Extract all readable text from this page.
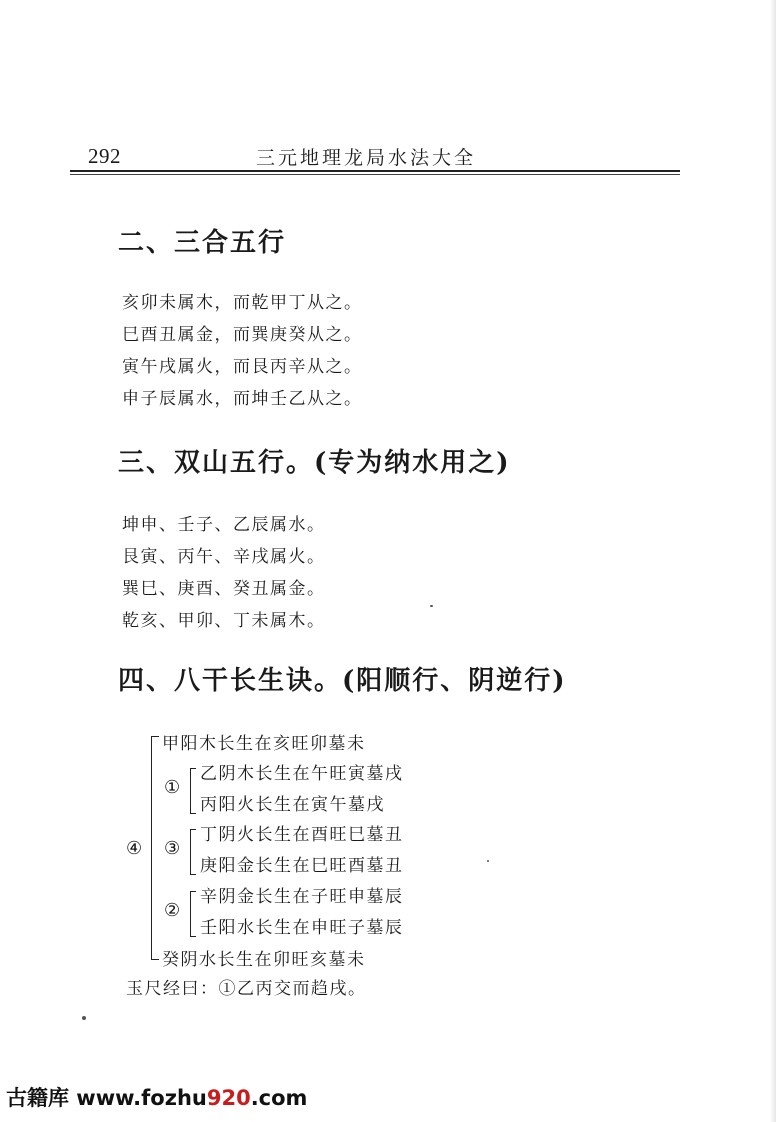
292	三元地理龙局水法大全
二、三合五行
亥卯未属木，而乾甲丁从之。
巳酉丑属金，而巽庚癸从之。
寅午戌属火，而艮丙辛从之。
申子辰属水，而坤壬乙从之。
三、双山五行。(专为纳水用之)
坤申、壬子、乙辰属水。
艮寅、丙午、辛戌属火。
巽巳、庚酉、癸丑属金。
乾亥、甲卯、丁未属木。
四、八干长生诀。(阳顺行、阴逆行)
④
甲阳木长生在亥旺卯墓未
①
乙阴木长生在午旺寅墓戌
丙阳火长生在寅午墓戌
③
丁阴火长生在酉旺巳墓丑
庚阳金长生在巳旺酉墓丑
②
辛阴金长生在子旺申墓辰
壬阳水长生在申旺子墓辰
癸阴水长生在卯旺亥墓未
玉尺经曰：①乙丙交而趋戌。
古籍库 www.fozhu920.com
